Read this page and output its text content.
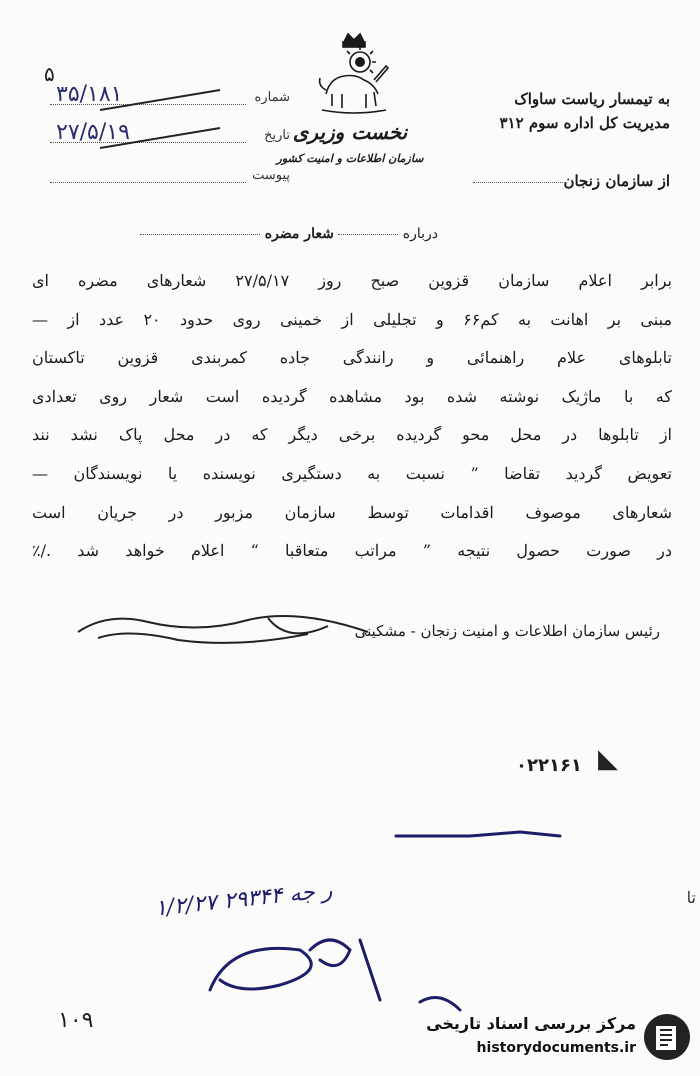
۵
شماره
۳۵/۱۸۱
تاریخ
۲۷/۵/۱۹
پیوست
نخست وزیری
سازمان اطلاعات و امنیت کشور
به تیمسار ریاست ساواک
مدیریت کل اداره سوم ۳۱۲
از سازمان زنجان
درباره  شعار مضره
برابر اعلام سازمان قزوین صبح روز ۲۷/۵/۱۷ شعارهای مضره ای
مبنی بر اهانت به کم۶۶ و تجلیلی از خمینی روی حدود ۲۰ عدد از —
تابلوهای علام راهنمائی و رانندگی جاده کمربندی قزوین تاکستان
که با ماژیک نوشته شده بود مشاهده گردیده است شعار روی تعدادی
از تابلوها در محل محو گردیده برخی دیگر که در محل پاک نشد نند
تعویض گردید تقاضا ” نسبت به دستگیری نویسنده یا نویسندگان —
شعارهای موصوف اقدامات توسط سازمان مزبور در جریان است
در صورت حصول نتیجه ” مراتب متعاقبا “ اعلام خواهد شد ./٪
رئیس سازمان اطلاعات و امنیت زنجان - مشکینی
۰۲۲۱۶۱ ◣
ر جه ۲۹۳۴۴ ۱/۲/۲۷
۱۰۹
تا
مرکز بررسی اسناد تاریخی
historydocuments.ir
